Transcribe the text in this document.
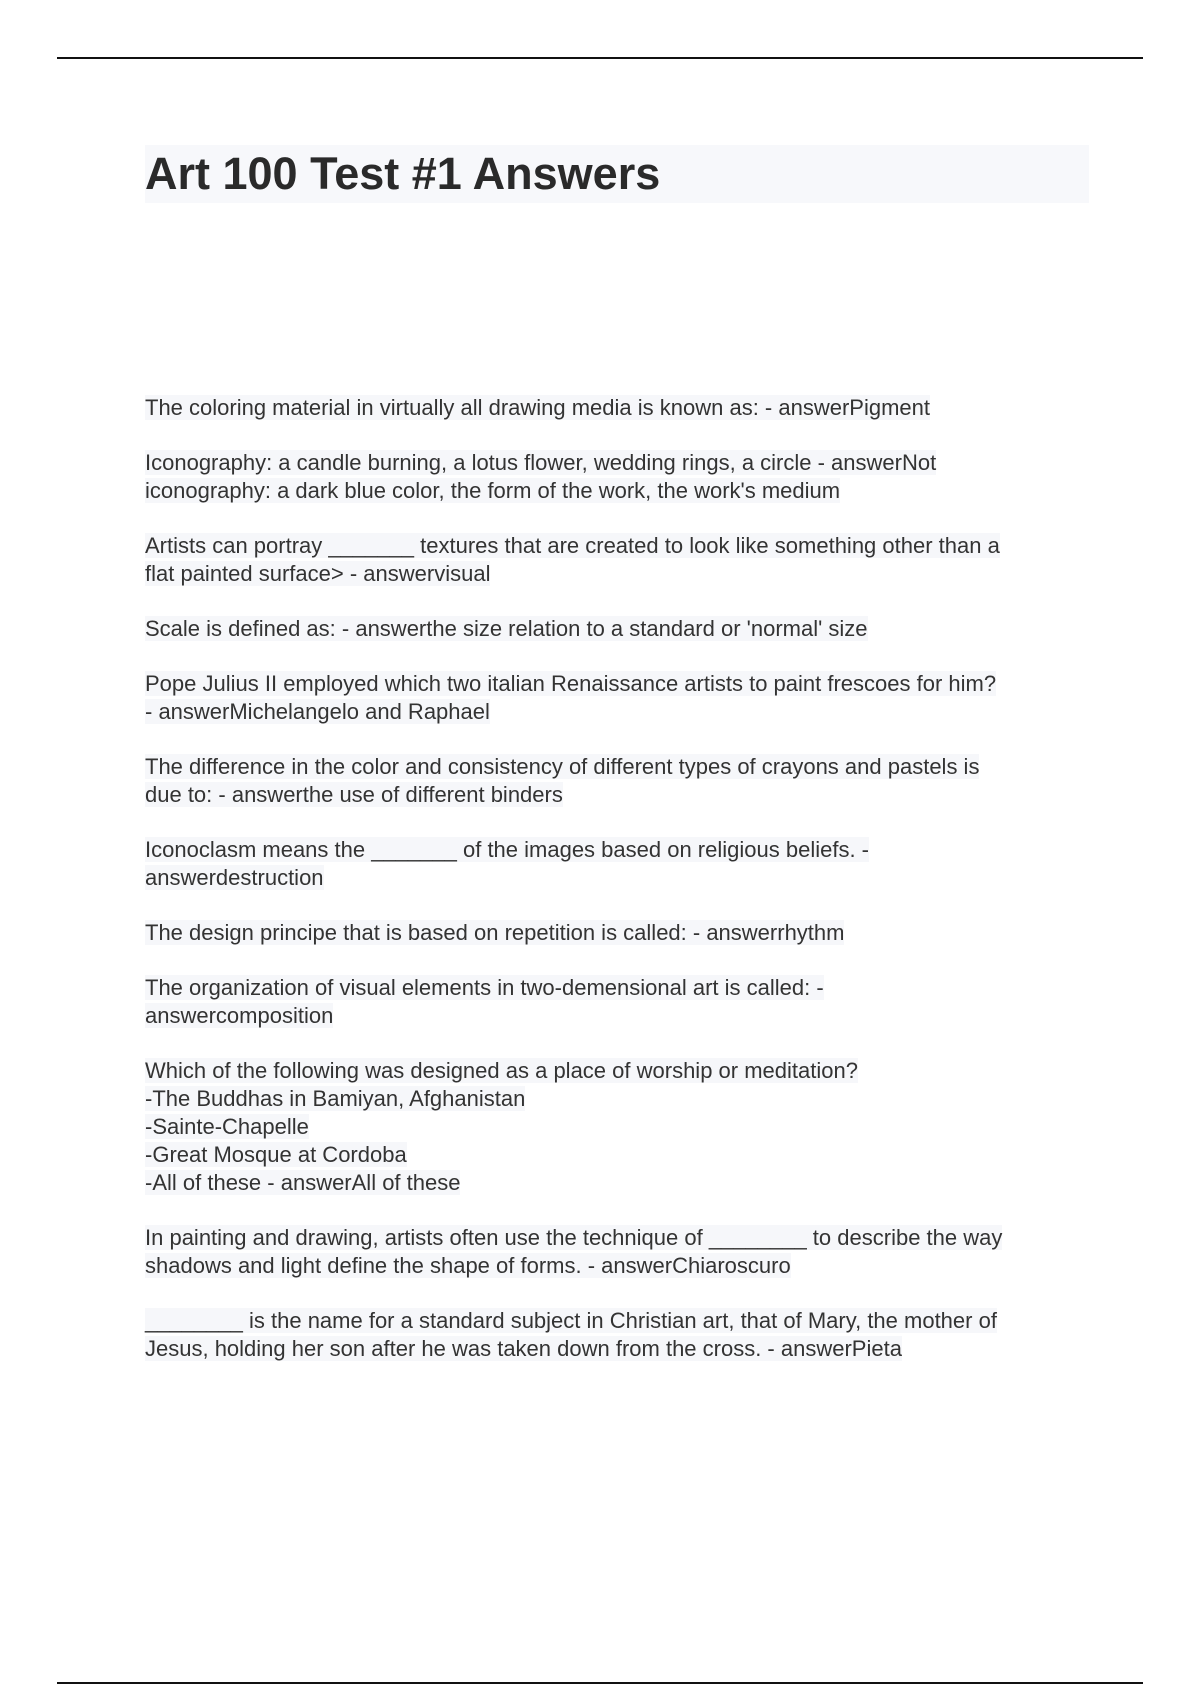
Art 100 Test #1 Answers
The coloring material in virtually all drawing media is known as: - answerPigment
Iconography: a candle burning, a lotus flower, wedding rings, a circle - answerNot
iconography: a dark blue color, the form of the work, the work's medium
Artists can portray _______ textures that are created to look like something other than a
flat painted surface> - answervisual
Scale is defined as: - answerthe size relation to a standard or 'normal' size
Pope Julius II employed which two italian Renaissance artists to paint frescoes for him?
- answerMichelangelo and Raphael
The difference in the color and consistency of different types of crayons and pastels is
due to: - answerthe use of different binders
Iconoclasm means the _______ of the images based on religious beliefs. -
answerdestruction
The design principe that is based on repetition is called: - answerrhythm
The organization of visual elements in two-demensional art is called: -
answercomposition
Which of the following was designed as a place of worship or meditation?
-The Buddhas in Bamiyan, Afghanistan
-Sainte-Chapelle
-Great Mosque at Cordoba
-All of these - answerAll of these
In painting and drawing, artists often use the technique of ________ to describe the way
shadows and light define the shape of forms. - answerChiaroscuro
________ is the name for a standard subject in Christian art, that of Mary, the mother of
Jesus, holding her son after he was taken down from the cross. - answerPieta
